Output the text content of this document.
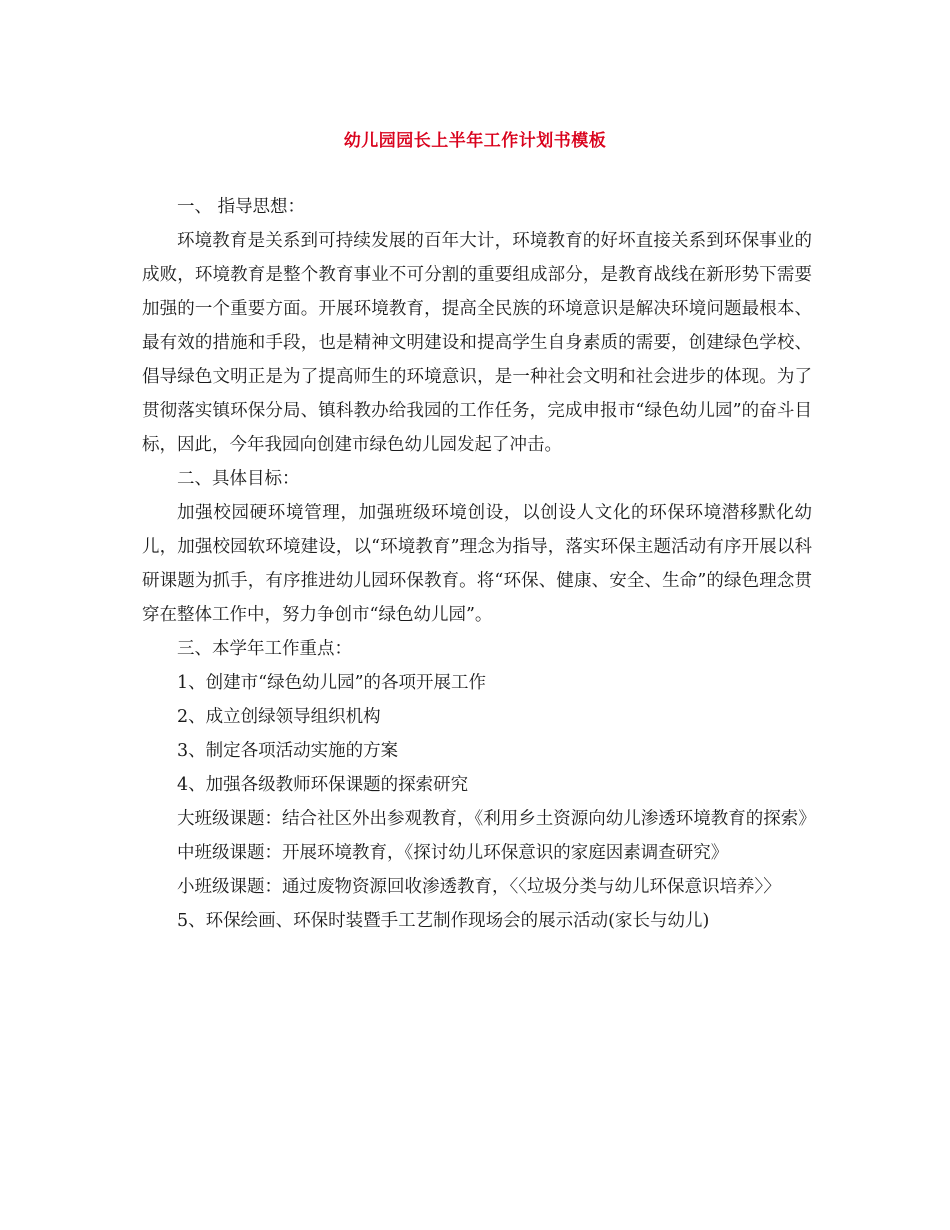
幼儿园园长上半年工作计划书模板

一、 指导思想：

环境教育是关系到可持续发展的百年大计，环境教育的好坏直接关系到环保事业的成败，环境教育是整个教育事业不可分割的重要组成部分，是教育战线在新形势下需要加强的一个重要方面。开展环境教育，提高全民族的环境意识是解决环境问题最根本、最有效的措施和手段，也是精神文明建设和提高学生自身素质的需要，创建绿色学校、倡导绿色文明正是为了提高师生的环境意识，是一种社会文明和社会进步的体现。为了贯彻落实镇环保分局、镇科教办给我园的工作任务，完成申报市“绿色幼儿园”的奋斗目标，因此，今年我园向创建市绿色幼儿园发起了冲击。

二、具体目标：

加强校园硬环境管理，加强班级环境创设，以创设人文化的环保环境潜移默化幼儿，加强校园软环境建设，以“环境教育”理念为指导，落实环保主题活动有序开展以科研课题为抓手，有序推进幼儿园环保教育。将“环保、健康、安全、生命”的绿色理念贯穿在整体工作中，努力争创市“绿色幼儿园”。

三、本学年工作重点：

1、创建市“绿色幼儿园”的各项开展工作

2、成立创绿领导组织机构

3、制定各项活动实施的方案

4、加强各级教师环保课题的探索研究

大班级课题：结合社区外出参观教育，《利用乡土资源向幼儿渗透环境教育的探索》

中班级课题：开展环境教育，《探讨幼儿环保意识的家庭因素调查研究》

小班级课题：通过废物资源回收渗透教育，〈〈垃圾分类与幼儿环保意识培养〉〉

5、环保绘画、环保时装暨手工艺制作现场会的展示活动(家长与幼儿)
